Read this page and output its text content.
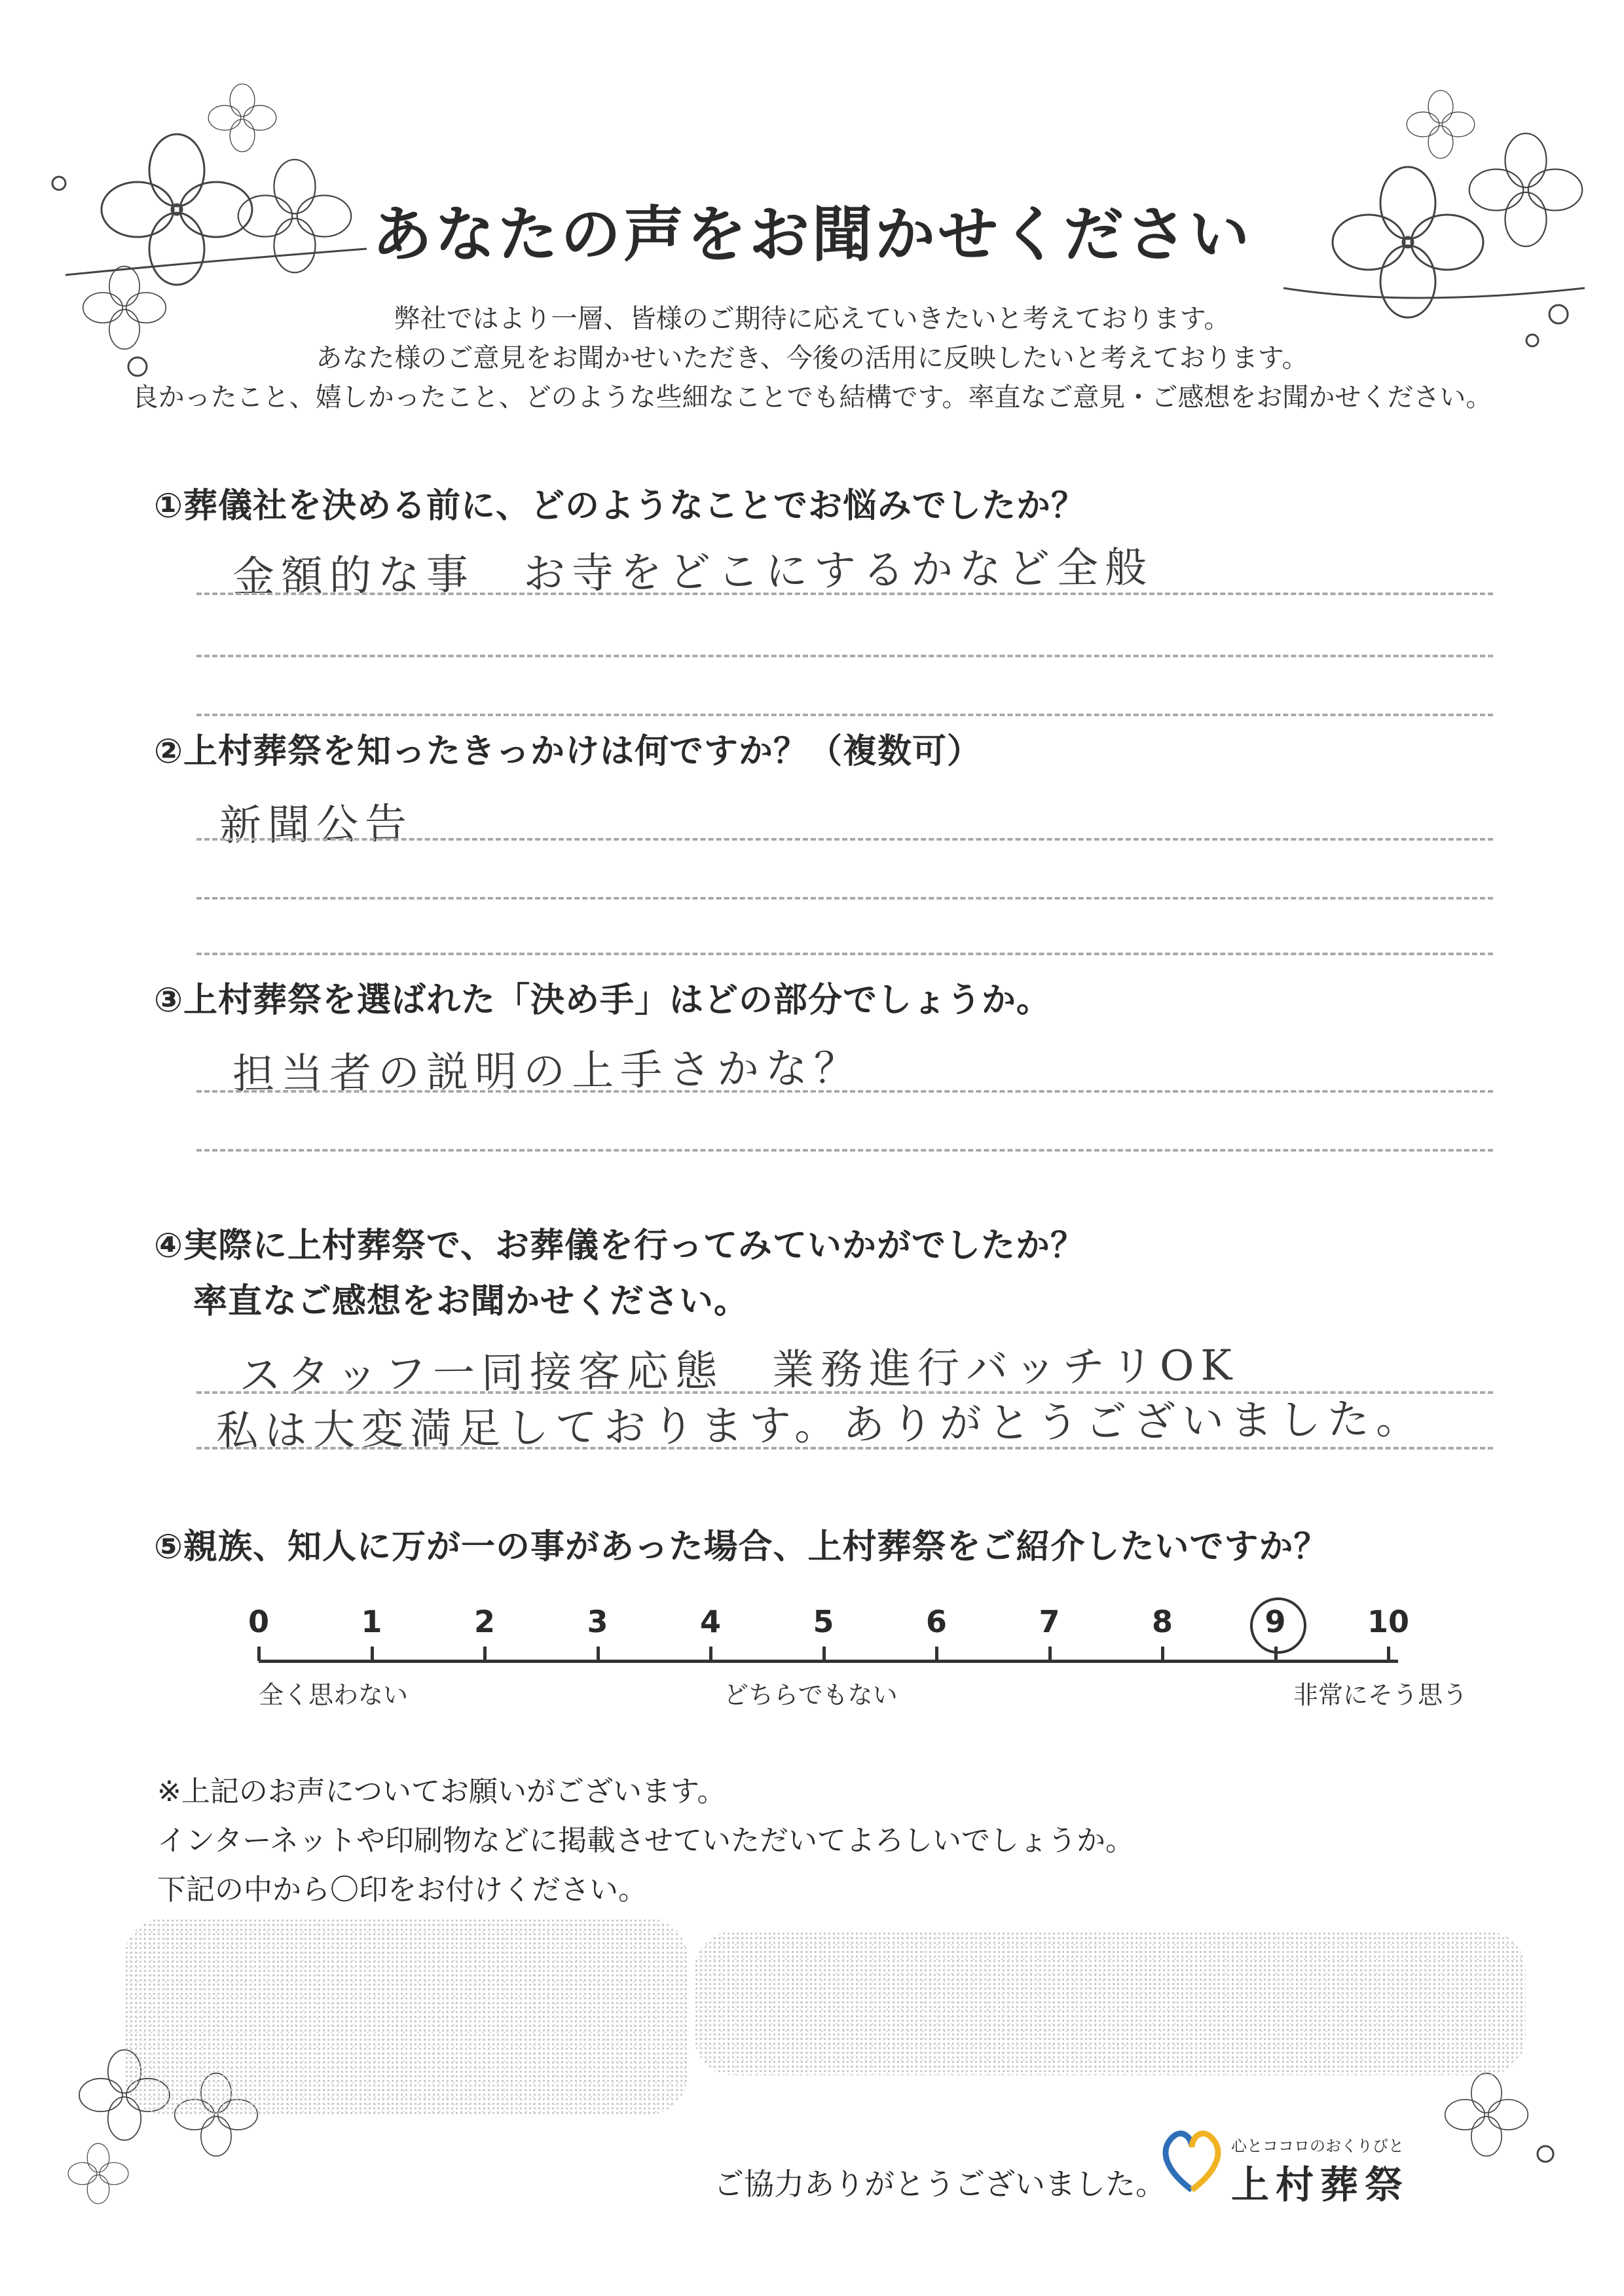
あなたの声をお聞かせください
弊社ではより一層、皆様のご期待に応えていきたいと考えております。
あなた様のご意見をお聞かせいただき、今後の活用に反映したいと考えております。
良かったこと、嬉しかったこと、どのような些細なことでも結構です。率直なご意見・ご感想をお聞かせください。
①葬儀社を決める前に、どのようなことでお悩みでしたか？
金額的な事　お寺をどこにするかなど全般
②上村葬祭を知ったきっかけは何ですか？（複数可）
新聞公告
③上村葬祭を選ばれた「決め手」はどの部分でしょうか。
担当者の説明の上手さかな？
④実際に上村葬祭で、お葬儀を行ってみていかがでしたか？
率直なご感想をお聞かせください。
スタッフ一同接客応態　業務進行バッチリOK
私は大変満足しております。ありがとうございました。
⑤親族、知人に万が一の事があった場合、上村葬祭をご紹介したいですか？
0	1	2	3	4	5	6	7	8	9	10
全く思わない	どちらでもない	非常にそう思う
※上記のお声についてお願いがございます。
インターネットや印刷物などに掲載させていただいてよろしいでしょうか。
下記の中から〇印をお付けください。
ご協力ありがとうございました。
心とココロのおくりびと
上村葬祭
